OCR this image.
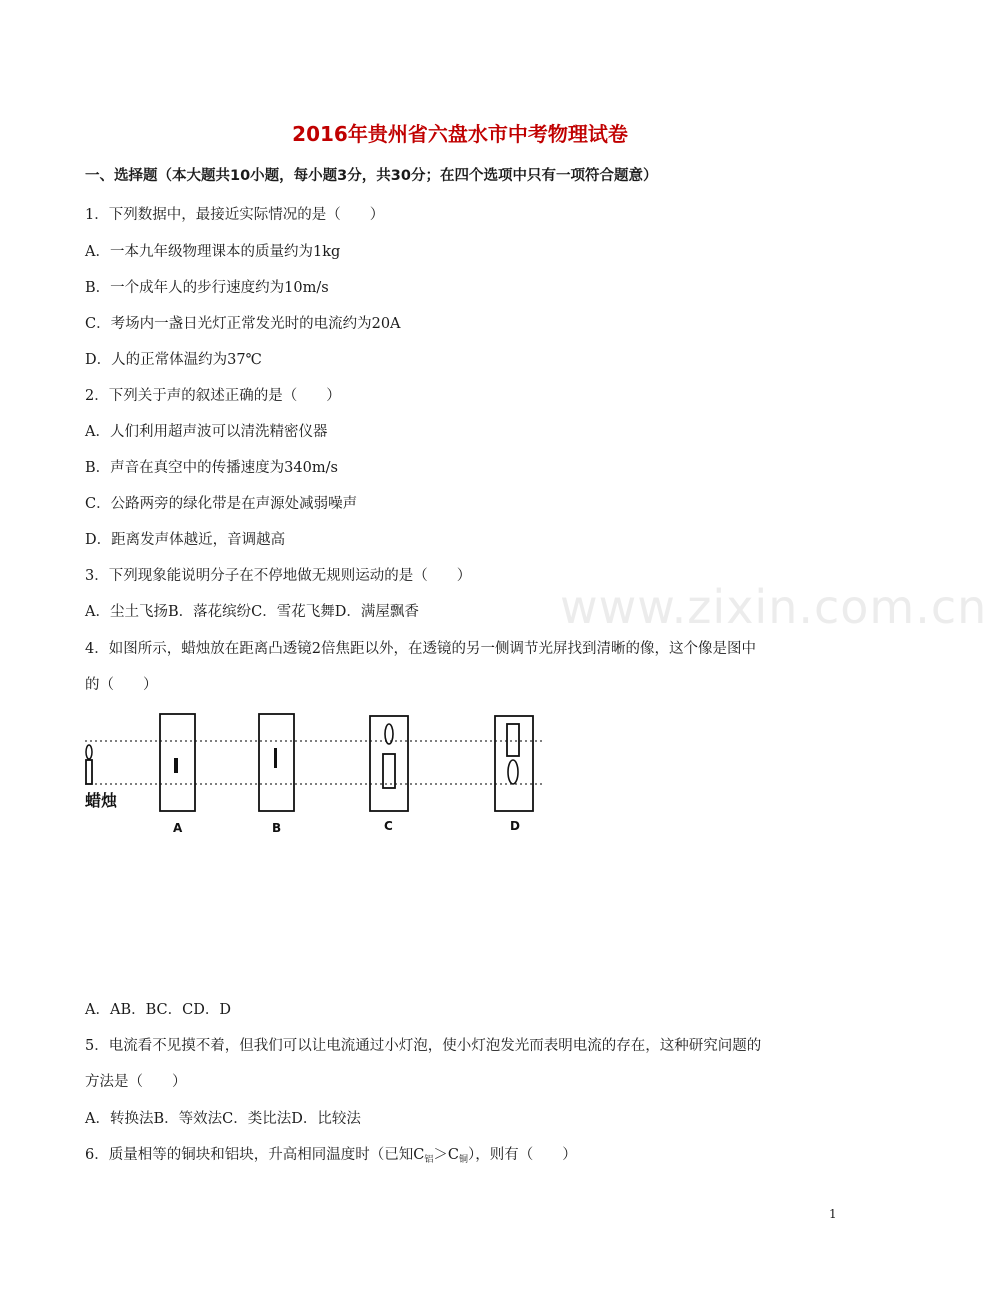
www.zixin.com.cn
2016年贵州省六盘水市中考物理试卷
一、选择题（本大题共10小题，每小题3分，共30分；在四个选项中只有一项符合题意）
1．下列数据中，最接近实际情况的是（　　）
A．一本九年级物理课本的质量约为1kg
B．一个成年人的步行速度约为10m/s
C．考场内一盏日光灯正常发光时的电流约为20A
D．人的正常体温约为37℃
2．下列关于声的叙述正确的是（　　）
A．人们利用超声波可以清洗精密仪器
B．声音在真空中的传播速度为340m/s
C．公路两旁的绿化带是在声源处减弱噪声
D．距离发声体越近，音调越高
3．下列现象能说明分子在不停地做无规则运动的是（　　）
A．尘土飞扬B．落花缤纷C．雪花飞舞D．满屋飘香
4．如图所示，蜡烛放在距离凸透镜2倍焦距以外，在透镜的另一侧调节光屏找到清晰的像，这个像是图中
的（　　）
蜡烛
A	B	C	D
A．AB．BC．CD．D
5．电流看不见摸不着，但我们可以让电流通过小灯泡，使小灯泡发光而表明电流的存在，这种研究问题的
方法是（　　）
A．转换法B．等效法C．类比法D．比较法
6．质量相等的铜块和铝块，升高相同温度时（已知$C_铝>C_铜$），则有（　　）
1
